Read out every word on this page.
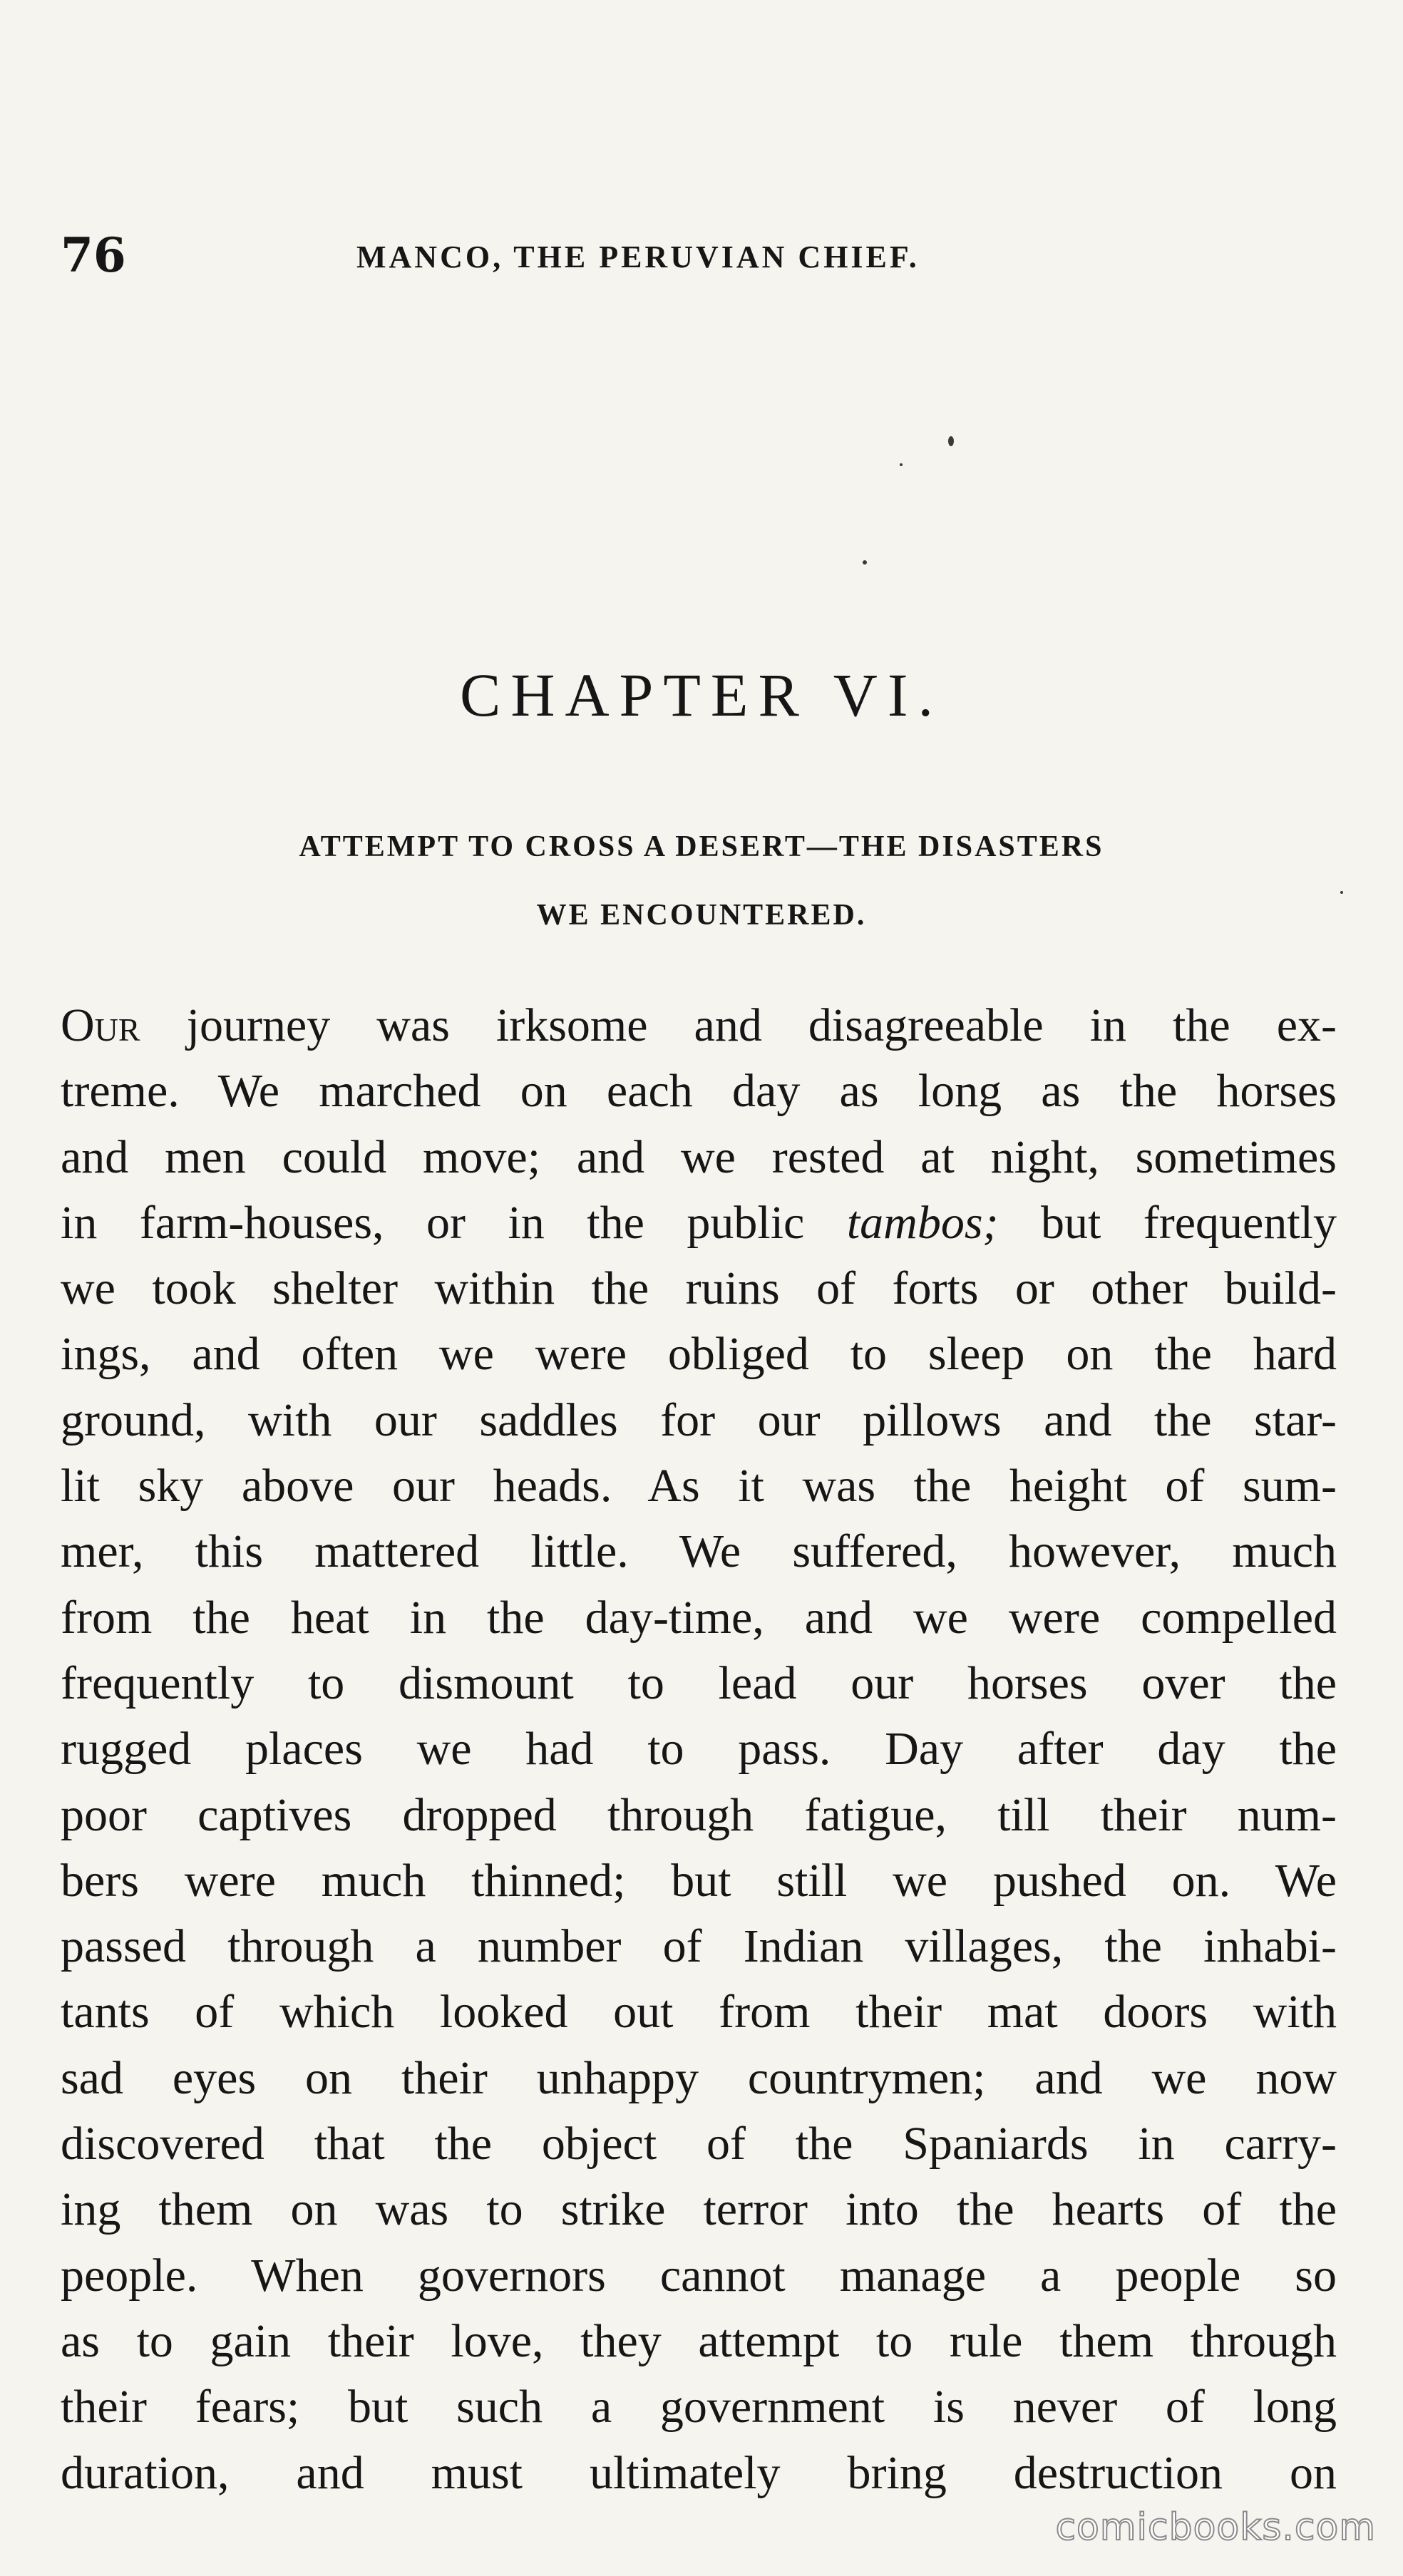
76	MANCO, THE PERUVIAN CHIEF.
CHAPTER VI.
ATTEMPT TO CROSS A DESERT—THE DISASTERS
WE ENCOUNTERED.
Our journey was irksome and disagreeable in the ex-
treme. We marched on each day as long as the horses
and men could move; and we rested at night, sometimes
in farm-houses, or in the public tambos; but frequently
we took shelter within the ruins of forts or other build-
ings, and often we were obliged to sleep on the hard
ground, with our saddles for our pillows and the star-
lit sky above our heads. As it was the height of sum-
mer, this mattered little. We suffered, however, much
from the heat in the day-time, and we were compelled
frequently to dismount to lead our horses over the
rugged places we had to pass. Day after day the
poor captives dropped through fatigue, till their num-
bers were much thinned; but still we pushed on. We
passed through a number of Indian villages, the inhabi-
tants of which looked out from their mat doors with
sad eyes on their unhappy countrymen; and we now
discovered that the object of the Spaniards in carry-
ing them on was to strike terror into the hearts of the
people. When governors cannot manage a people so
as to gain their love, they attempt to rule them through
their fears; but such a government is never of long
duration, and must ultimately bring destruction on
comicbooks.com
